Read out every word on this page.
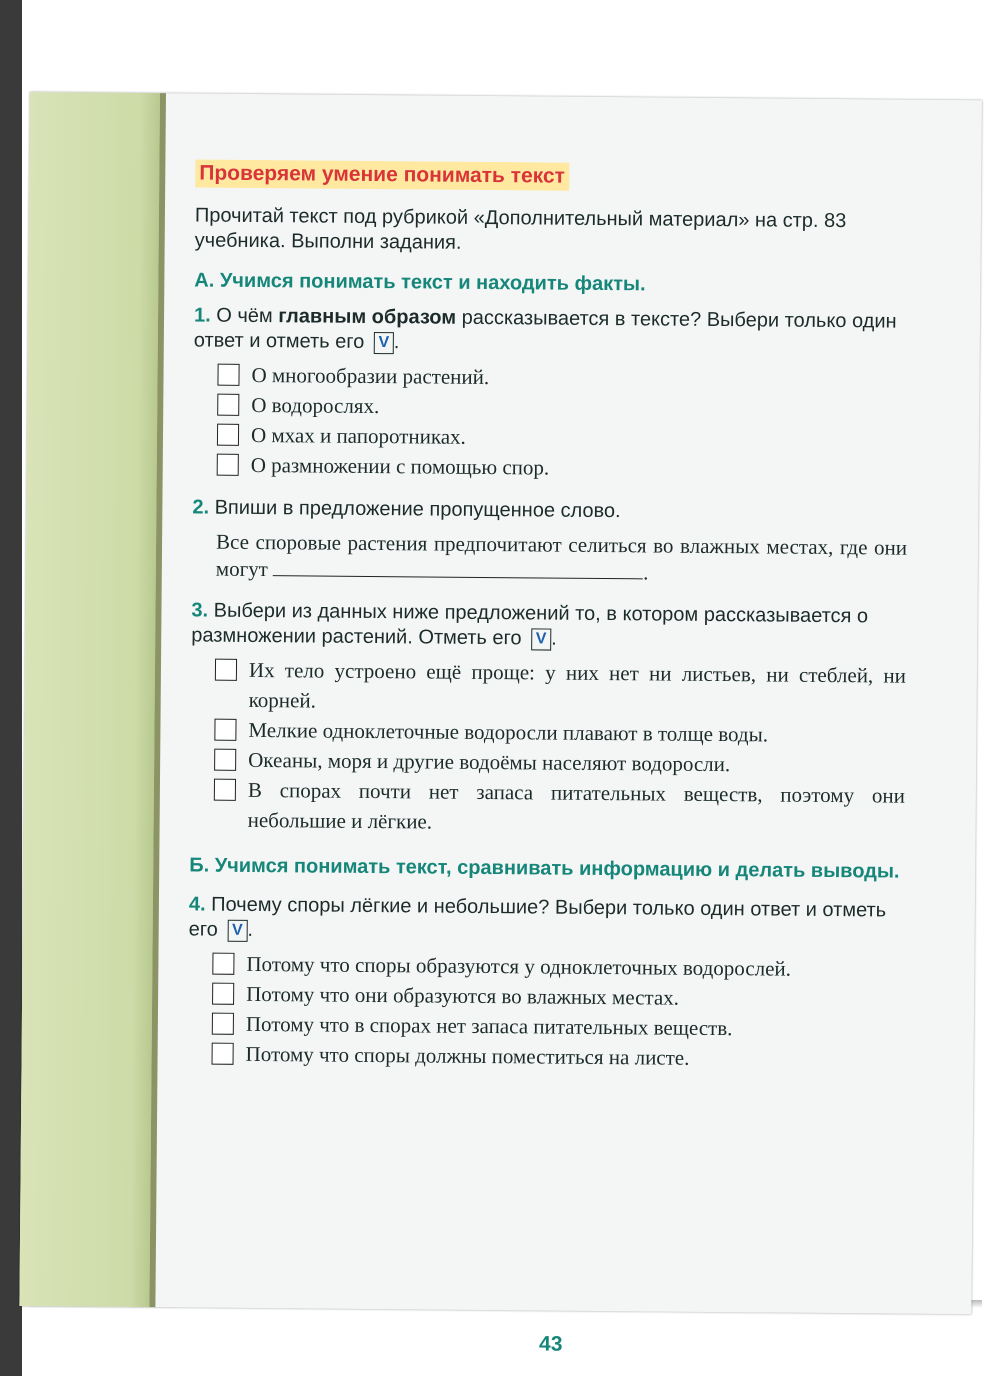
Проверяем умение понимать текст
Прочитай текст под рубрикой «Дополнительный материал» на стр. 83 учебника. Выполни задания.
А. Учимся понимать текст и находить факты.
1. О чём главным образом рассказывается в тексте? Выбери только один ответ и отметь его V .
О многообразии растений.
О водорослях.
О мхах и папоротниках.
О размножении с помощью спор.
2. Впиши в предложение пропущенное слово.
Все споровые растения предпочитают селиться во влажных местах, где они могут	.
3. Выбери из данных ниже предложений то, в котором рассказывается о размножении растений. Отметь его V .
Их тело устроено ещё проще: у них нет ни листьев, ни стеблей, ни корней.
Мелкие одноклеточные водоросли плавают в толще воды.
Океаны, моря и другие водоёмы населяют водоросли.
В спорах почти нет запаса питательных веществ, поэтому они небольшие и лёгкие.
Б. Учимся понимать текст, сравнивать информацию и делать выводы.
4. Почему споры лёгкие и небольшие? Выбери только один ответ и отметь его V .
Потому что споры образуются у одноклеточных водорослей.
Потому что они образуются во влажных местах.
Потому что в спорах нет запаса питательных веществ.
Потому что споры должны поместиться на листе.
43
